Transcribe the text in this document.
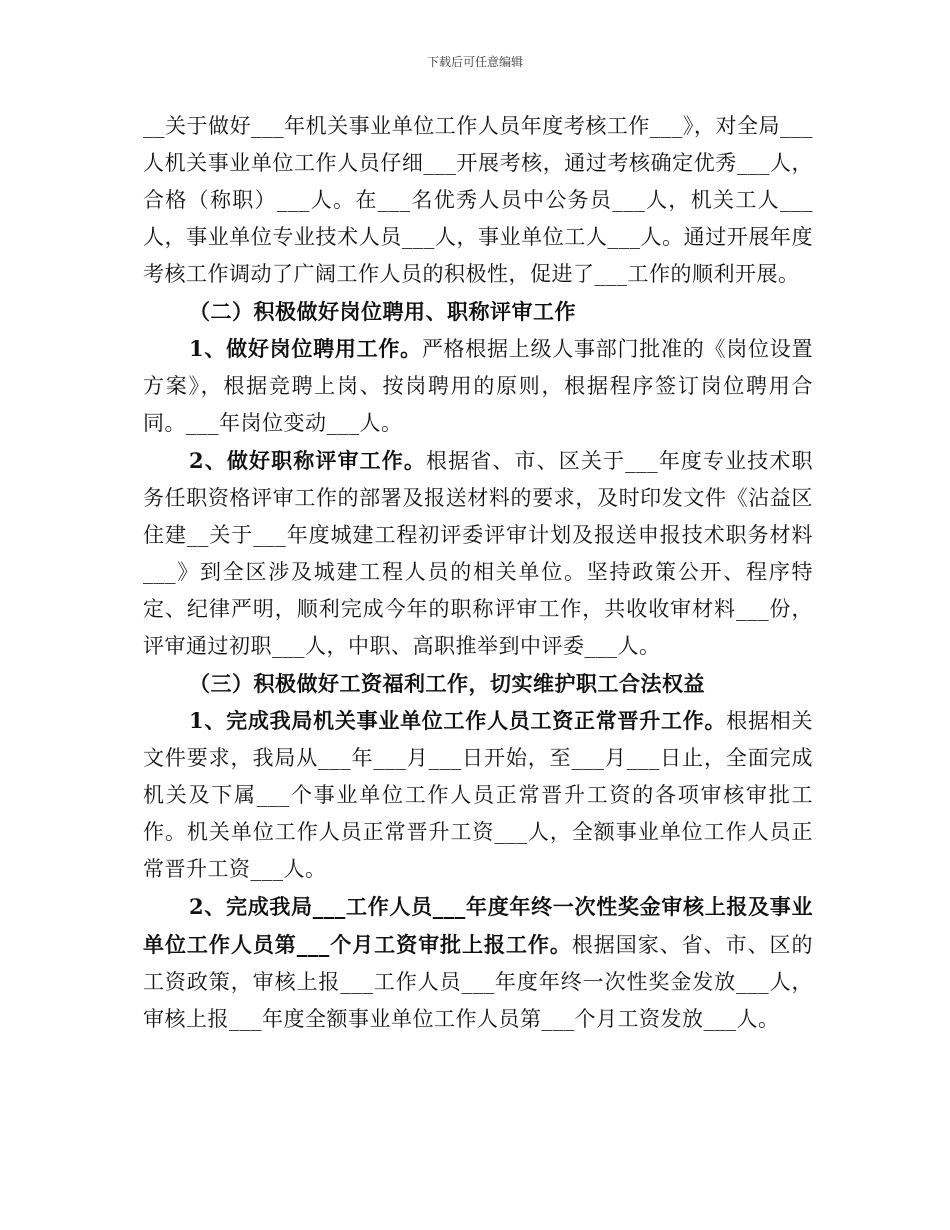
下载后可任意编辑

__关于做好___年机关事业单位工作人员年度考核工作___》，对全局___人机关事业单位工作人员仔细___开展考核，通过考核确定优秀___人，合格（称职）___人。在___名优秀人员中公务员___人，机关工人___人，事业单位专业技术人员___人，事业单位工人___人。通过开展年度考核工作调动了广阔工作人员的积极性，促进了___工作的顺利开展。

（二）积极做好岗位聘用、职称评审工作

1、做好岗位聘用工作。严格根据上级人事部门批准的《岗位设置方案》，根据竞聘上岗、按岗聘用的原则，根据程序签订岗位聘用合同。___年岗位变动___人。

2、做好职称评审工作。根据省、市、区关于___年度专业技术职务任职资格评审工作的部署及报送材料的要求，及时印发文件《沾益区住建__关于___年度城建工程初评委评审计划及报送申报技术职务材料___》到全区涉及城建工程人员的相关单位。坚持政策公开、程序特定、纪律严明，顺利完成今年的职称评审工作，共收收审材料___份，评审通过初职___人，中职、高职推举到中评委___人。

（三）积极做好工资福利工作，切实维护职工合法权益

1、完成我局机关事业单位工作人员工资正常晋升工作。根据相关文件要求，我局从___年___月___日开始，至___月___日止，全面完成机关及下属___个事业单位工作人员正常晋升工资的各项审核审批工作。机关单位工作人员正常晋升工资___人，全额事业单位工作人员正常晋升工资___人。

2、完成我局___工作人员___年度年终一次性奖金审核上报及事业单位工作人员第___个月工资审批上报工作。根据国家、省、市、区的工资政策，审核上报___工作人员___年度年终一次性奖金发放___人，审核上报___年度全额事业单位工作人员第___个月工资发放___人。
